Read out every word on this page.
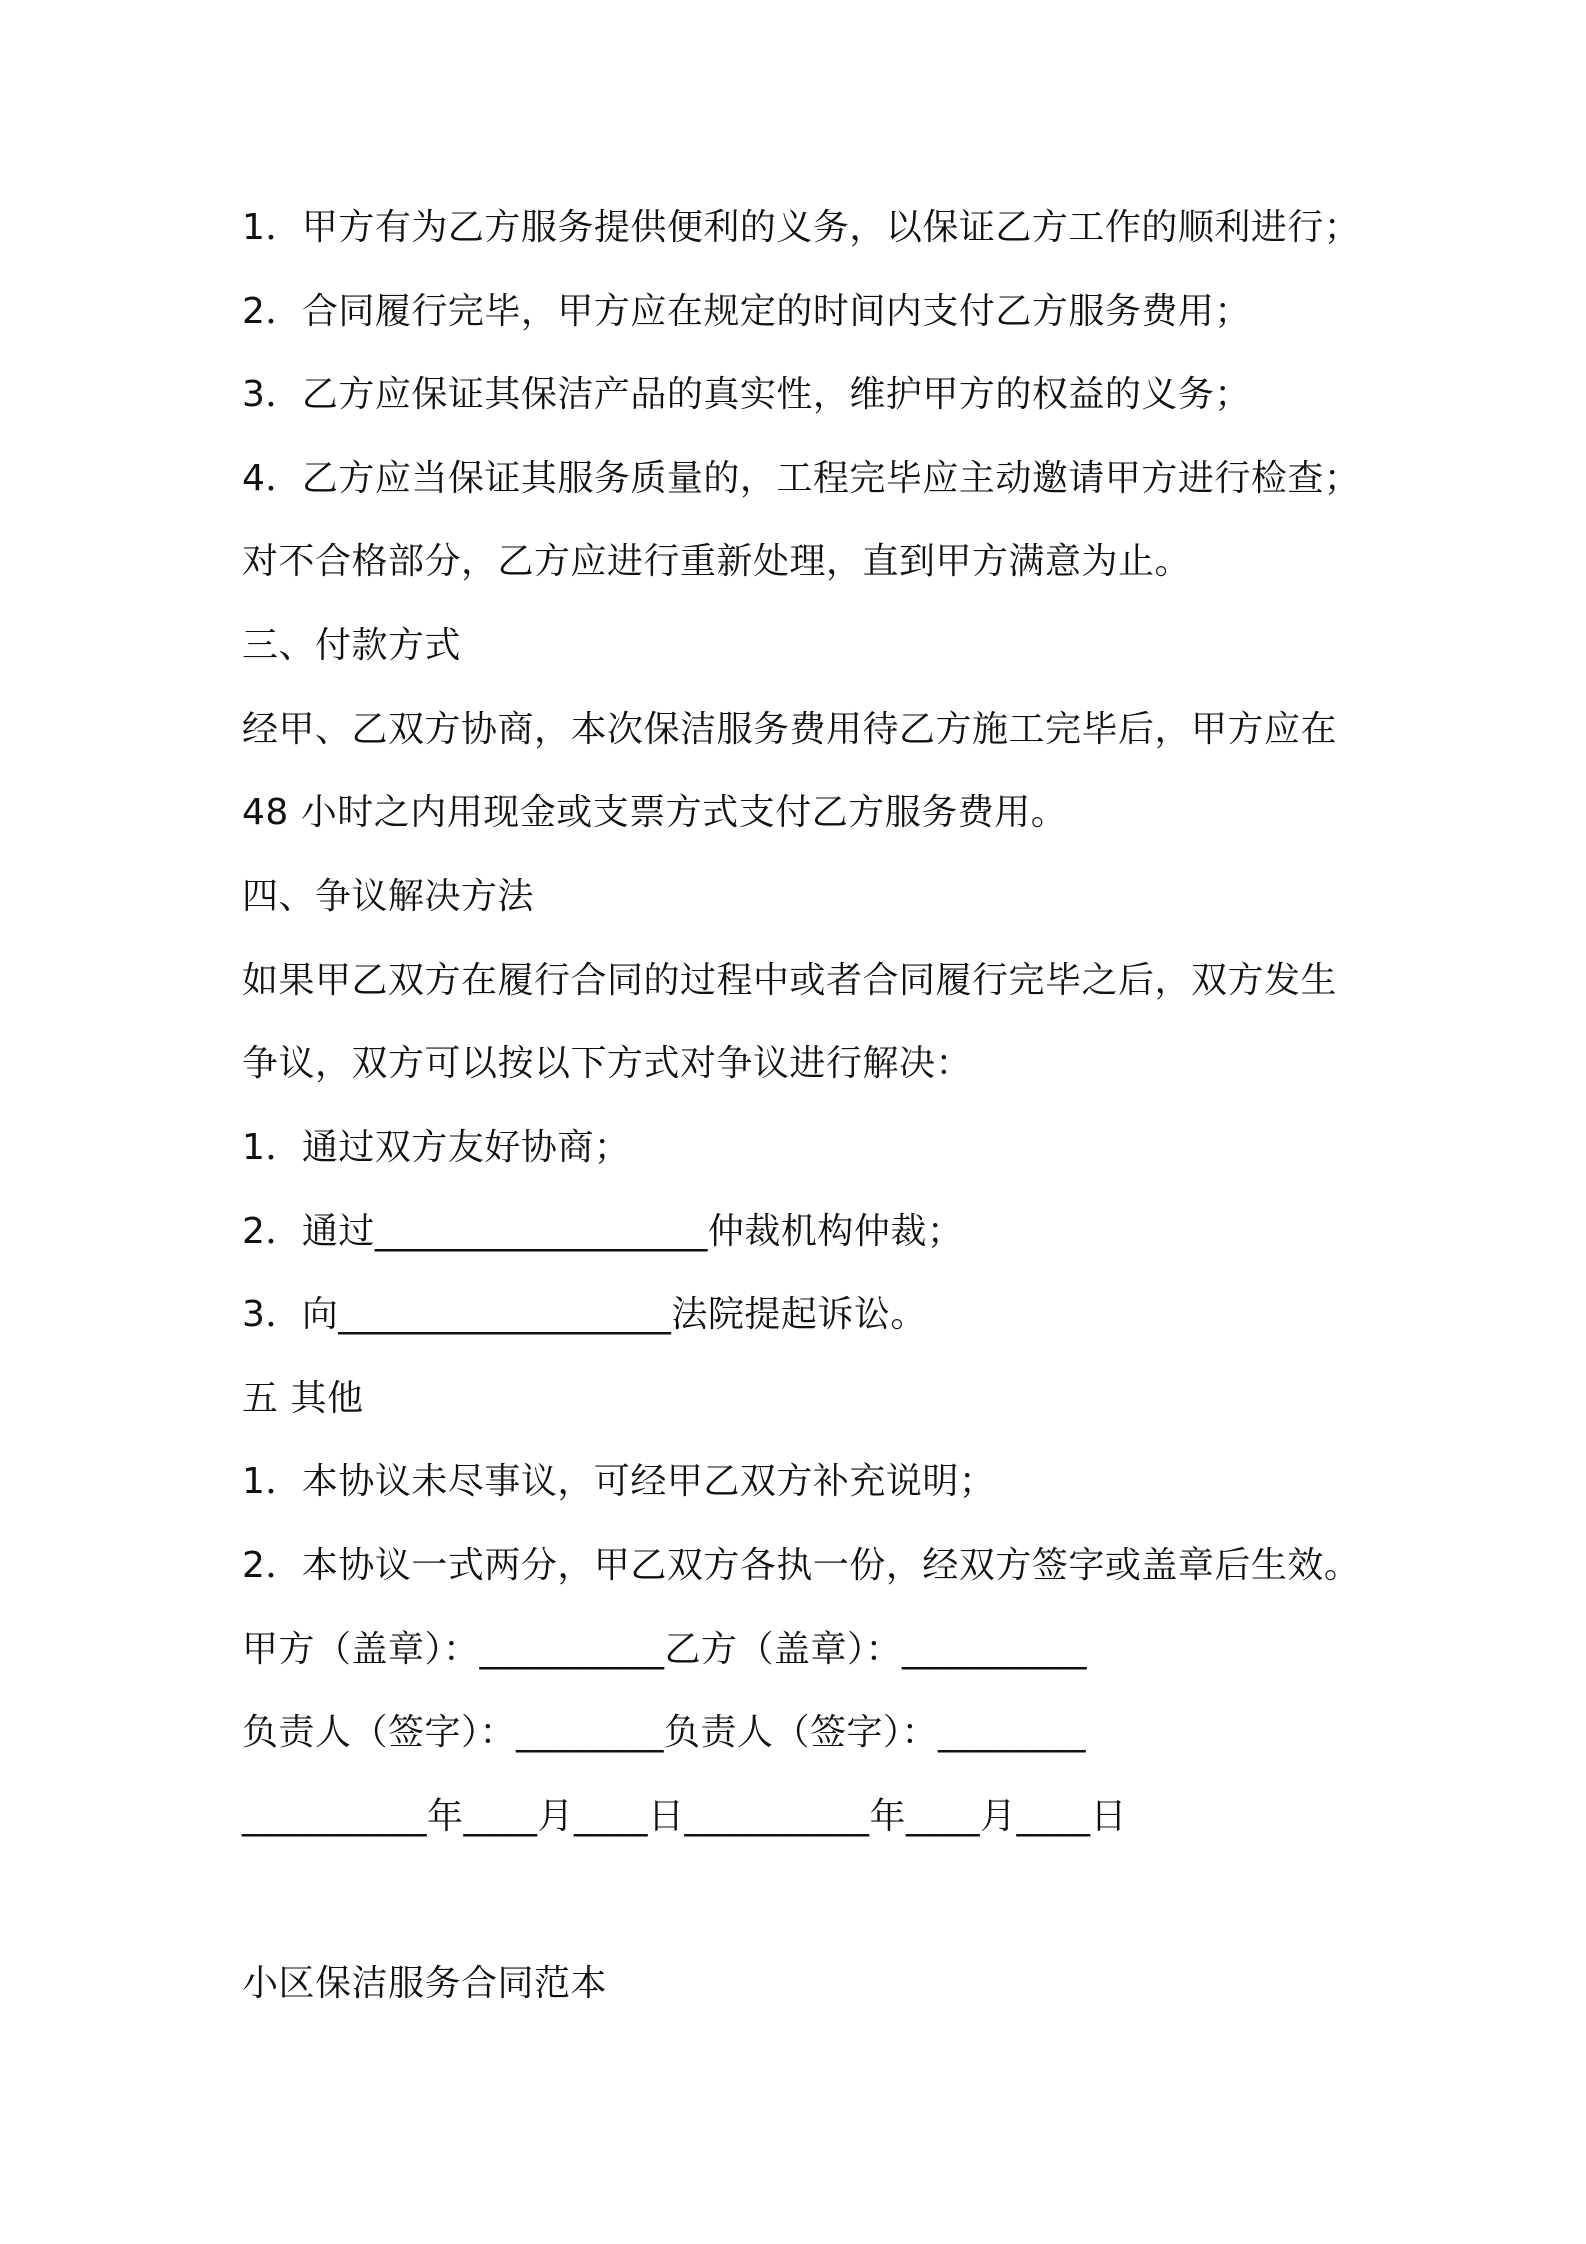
1．甲方有为乙方服务提供便利的义务，以保证乙方工作的顺利进行；
2．合同履行完毕，甲方应在规定的时间内支付乙方服务费用；
3．乙方应保证其保洁产品的真实性，维护甲方的权益的义务；
4．乙方应当保证其服务质量的，工程完毕应主动邀请甲方进行检查；
对不合格部分，乙方应进行重新处理，直到甲方满意为止。
三、付款方式
经甲、乙双方协商，本次保洁服务费用待乙方施工完毕后，甲方应在
48 小时之内用现金或支票方式支付乙方服务费用。
四、争议解决方法
如果甲乙双方在履行合同的过程中或者合同履行完毕之后，双方发生
争议，双方可以按以下方式对争议进行解决：
1．通过双方友好协商；
2．通过__________________仲裁机构仲裁；
3．向__________________法院提起诉讼。
五 其他
1．本协议未尽事议，可经甲乙双方补充说明；
2．本协议一式两分，甲乙双方各执一份，经双方签字或盖章后生效。
甲方（盖章）：__________乙方（盖章）：__________
负责人（签字）：________负责人（签字）：________
__________年____月____日__________年____月____日
小区保洁服务合同范本
